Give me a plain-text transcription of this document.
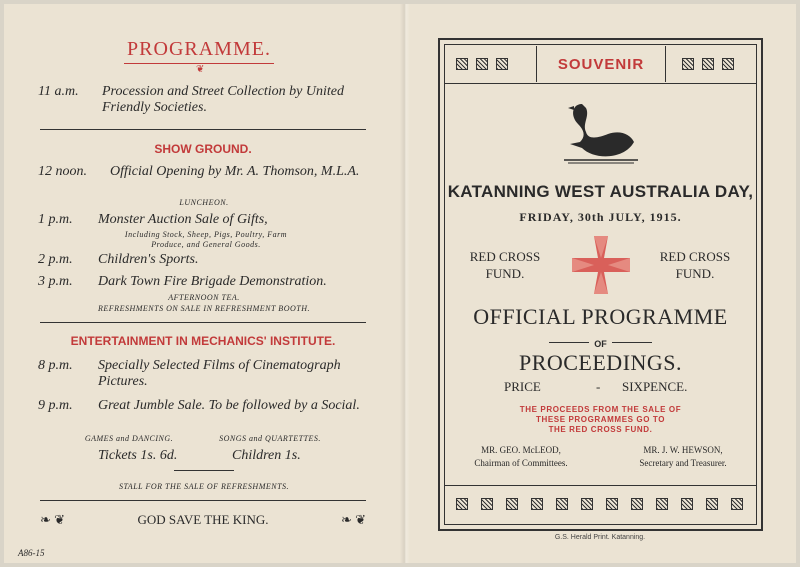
PROGRAMME.
❦
11 a.m.	Procession and Street Collection by United Friendly Societies.
SHOW GROUND.
12 noon.	Official Opening by Mr. A. Thomson, M.L.A.
LUNCHEON.
1 p.m.	Monster Auction Sale of Gifts,
Including Stock, Sheep, Pigs, Poultry, Farm Produce, and General Goods.
2 p.m.	Children's Sports.
3 p.m.	Dark Town Fire Brigade Demonstration.
AFTERNOON TEA.
REFRESHMENTS ON SALE IN REFRESHMENT BOOTH.
ENTERTAINMENT IN MECHANICS' INSTITUTE.
8 p.m.	Specially Selected Films of Cinematograph Pictures.
9 p.m.	Great Jumble Sale. To be followed by a Social.
GAMES and DANCING.	SONGS and QUARTETTES.
Tickets 1s. 6d.	Children 1s.
STALL FOR THE SALE OF REFRESHMENTS.
❧ ❦	GOD SAVE THE KING.	❧ ❦
A86-15
SOUVENIR
KATANNING WEST AUSTRALIA DAY,
FRIDAY, 30th JULY, 1915.
RED CROSS
FUND.
RED CROSS
FUND.
OFFICIAL PROGRAMME
OF
PROCEEDINGS.
PRICE	- SIXPENCE.
THE PROCEEDS FROM THE SALE OF
THESE PROGRAMMES GO TO
THE RED CROSS FUND.
MR. GEO. McLEOD,
Chairman of Committees.
MR. J. W. HEWSON,
Secretary and Treasurer.
G.S. Herald Print. Katanning.
